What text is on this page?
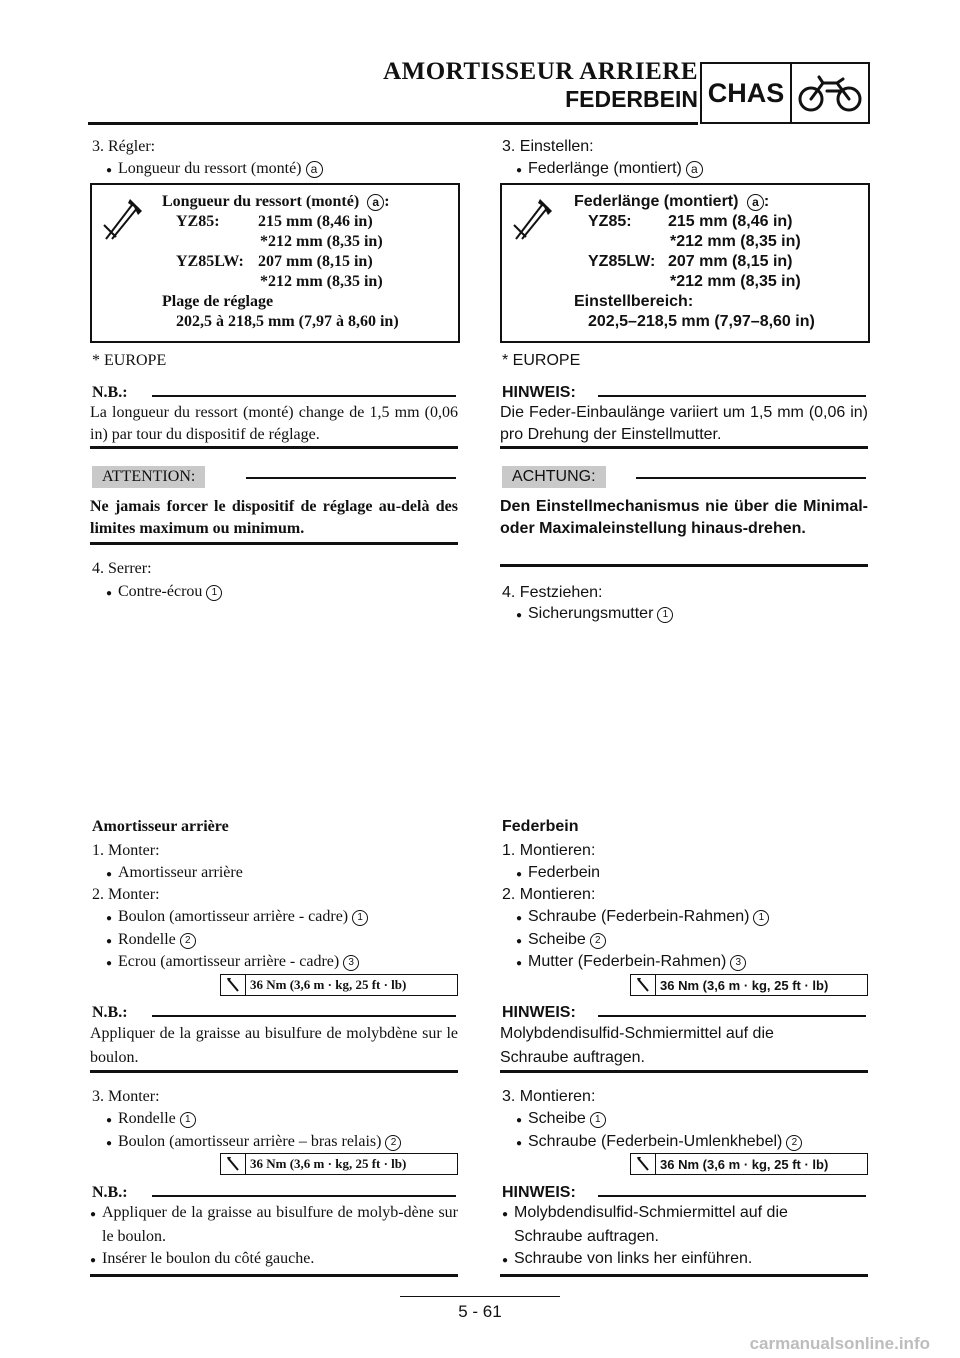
AMORTISSEUR ARRIERE
FEDERBEIN CHAS
3. Régler:
● Longueur du ressort (monté) a
Longueur du ressort (monté) a :
YZ85: 215 mm (8,46 in)
*212 mm (8,35 in)
YZ85LW: 207 mm (8,15 in)
*212 mm (8,35 in)
Plage de réglage
202,5 à 218,5 mm (7,97 à 8,60 in)
* EUROPE
N.B.:
La longueur du ressort (monté) change de 1,5 mm (0,06 in) par tour du dispositif de réglage.
ATTENTION:
Ne jamais forcer le dispositif de réglage au-delà des limites maximum ou minimum.
4. Serrer:
● Contre-écrou 1
Amortisseur arrière
1. Monter:
● Amortisseur arrière
2. Monter:
● Boulon (amortisseur arrière - cadre) 1
● Rondelle 2
● Ecrou (amortisseur arrière - cadre) 3
36 Nm (3,6 m · kg, 25 ft · lb)
N.B.:
Appliquer de la graisse au bisulfure de molybdène sur le boulon.
3. Monter:
● Rondelle 1
● Boulon (amortisseur arrière – bras relais) 2
36 Nm (3,6 m · kg, 25 ft · lb)
N.B.:
● Appliquer de la graisse au bisulfure de molyb-dène sur le boulon.
● Insérer le boulon du côté gauche.
3. Einstellen:
● Federlänge (montiert) a
Federlänge (montiert) a :
YZ85: 215 mm (8,46 in)
*212 mm (8,35 in)
YZ85LW: 207 mm (8,15 in)
*212 mm (8,35 in)
Einstellbereich:
202,5–218,5 mm (7,97–8,60 in)
* EUROPE
HINWEIS:
Die Feder-Einbaulänge variiert um 1,5 mm (0,06 in) pro Drehung der Einstellmutter.
ACHTUNG:
Den Einstellmechanismus nie über die Minimal- oder Maximaleinstellung hinaus-drehen.
4. Festziehen:
● Sicherungsmutter 1
Federbein
1. Montieren:
● Federbein
2. Montieren:
● Schraube (Federbein-Rahmen) 1
● Scheibe 2
● Mutter (Federbein-Rahmen) 3
36 Nm (3,6 m · kg, 25 ft · lb)
HINWEIS:
Molybdendisulfid-Schmiermittel auf die Schraube auftragen.
3. Montieren:
● Scheibe 1
● Schraube (Federbein-Umlenkhebel) 2
36 Nm (3,6 m · kg, 25 ft · lb)
HINWEIS:
● Molybdendisulfid-Schmiermittel auf die Schraube auftragen.
● Schraube von links her einführen.
5 - 61
carmanualsonline.info
